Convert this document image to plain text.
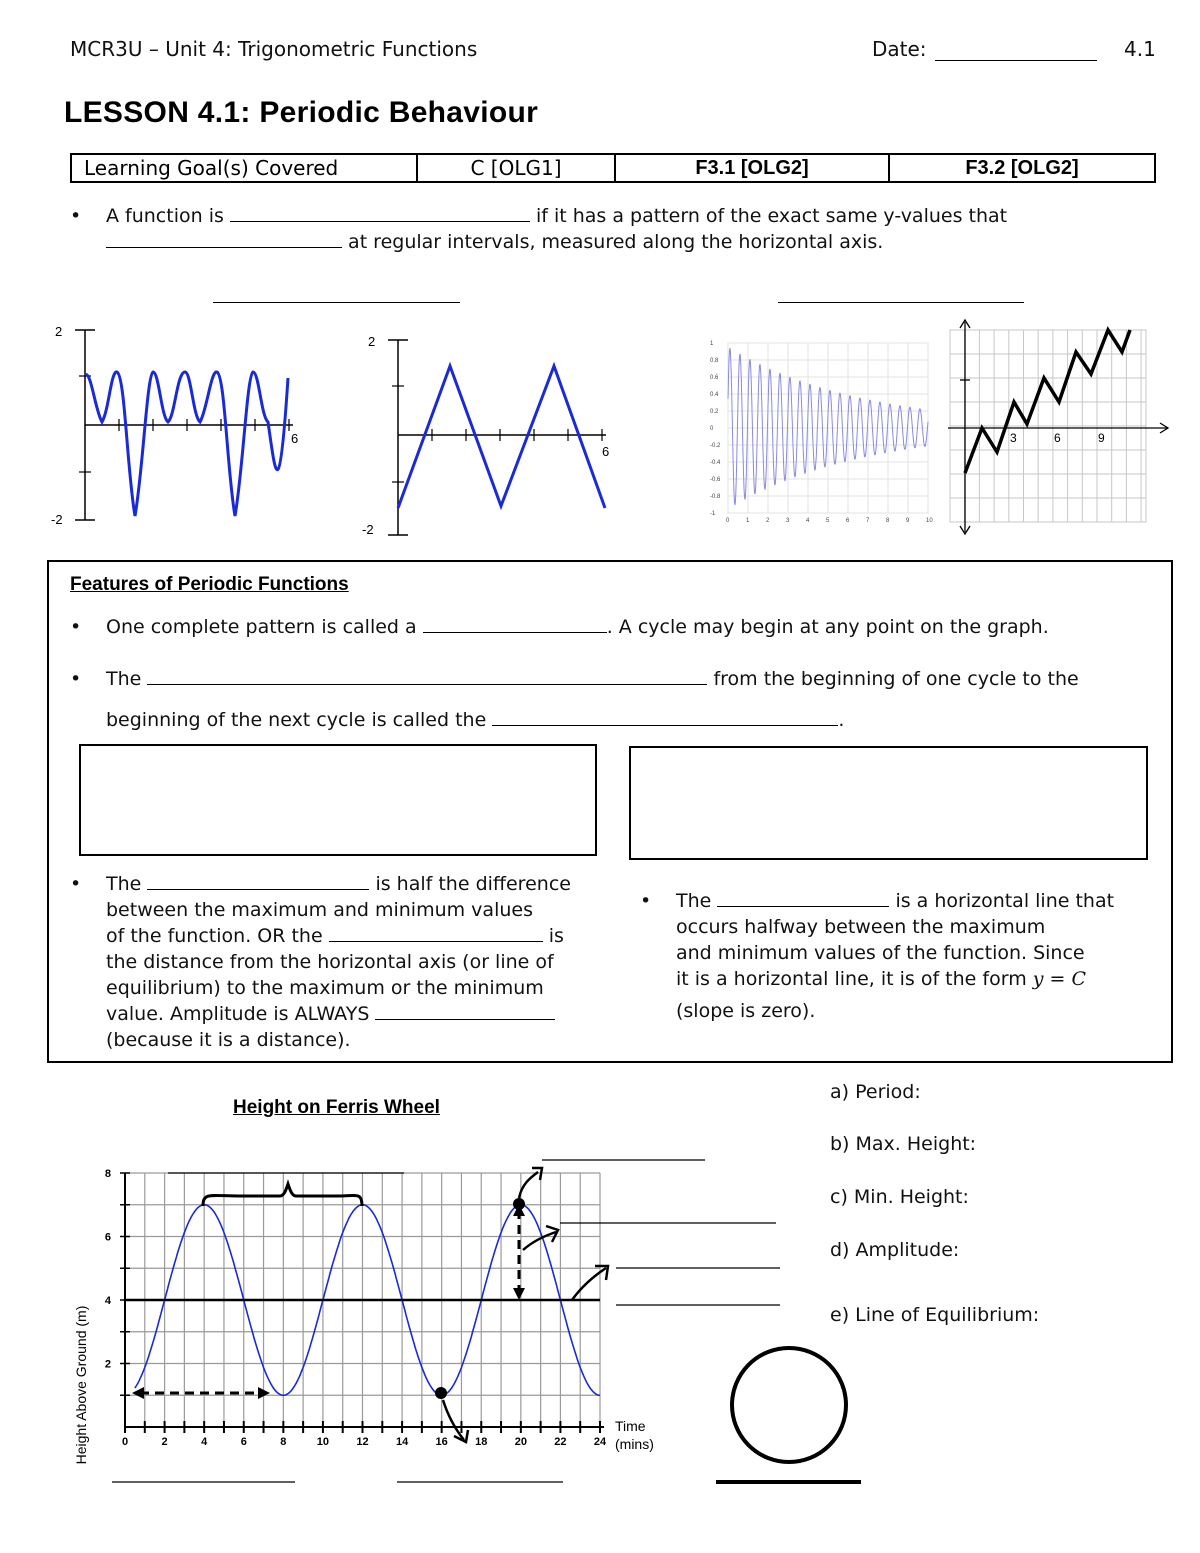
MCR3U – Unit 4: Trigonometric Functions	Date:	4.1
LESSON 4.1: Periodic Behaviour
Learning Goal(s) Covered	C [OLG1]	F3.1 [OLG2]	F3.2 [OLG2]
• A function is	if it has a pattern of the exact same y-values that
at regular intervals, measured along the horizontal axis.
2
-2
6
2
-2
6
1
0.8
0.6
0.4
0.2
0
-0.2
-0.4
-0.6
-0.8
-1
0	1	2	3	4	5	6	7	8	9	10
3	6	9
Features of Periodic Functions
• One complete pattern is called a	. A cycle may begin at any point on the graph.
• The	from the beginning of one cycle to the
beginning of the next cycle is called the	.
• The	is half the difference
between the maximum and minimum values
of the function. OR the	is
the distance from the horizontal axis (or line of
equilibrium) to the maximum or the minimum
value. Amplitude is ALWAYS
(because it is a distance).
• The	is a horizontal line that
occurs halfway between the maximum
and minimum values of the function. Since
it is a horizontal line, it is of the form y = C
(slope is zero).
Height on Ferris Wheel
0	2	4	6	8	10 12 14 16 18 20 22 24
2
4
6
8
Height Above Ground (m)	Time
(mins)
a) Period:
b) Max. Height:
c) Min. Height:
d) Amplitude:
e) Line of Equilibrium:
